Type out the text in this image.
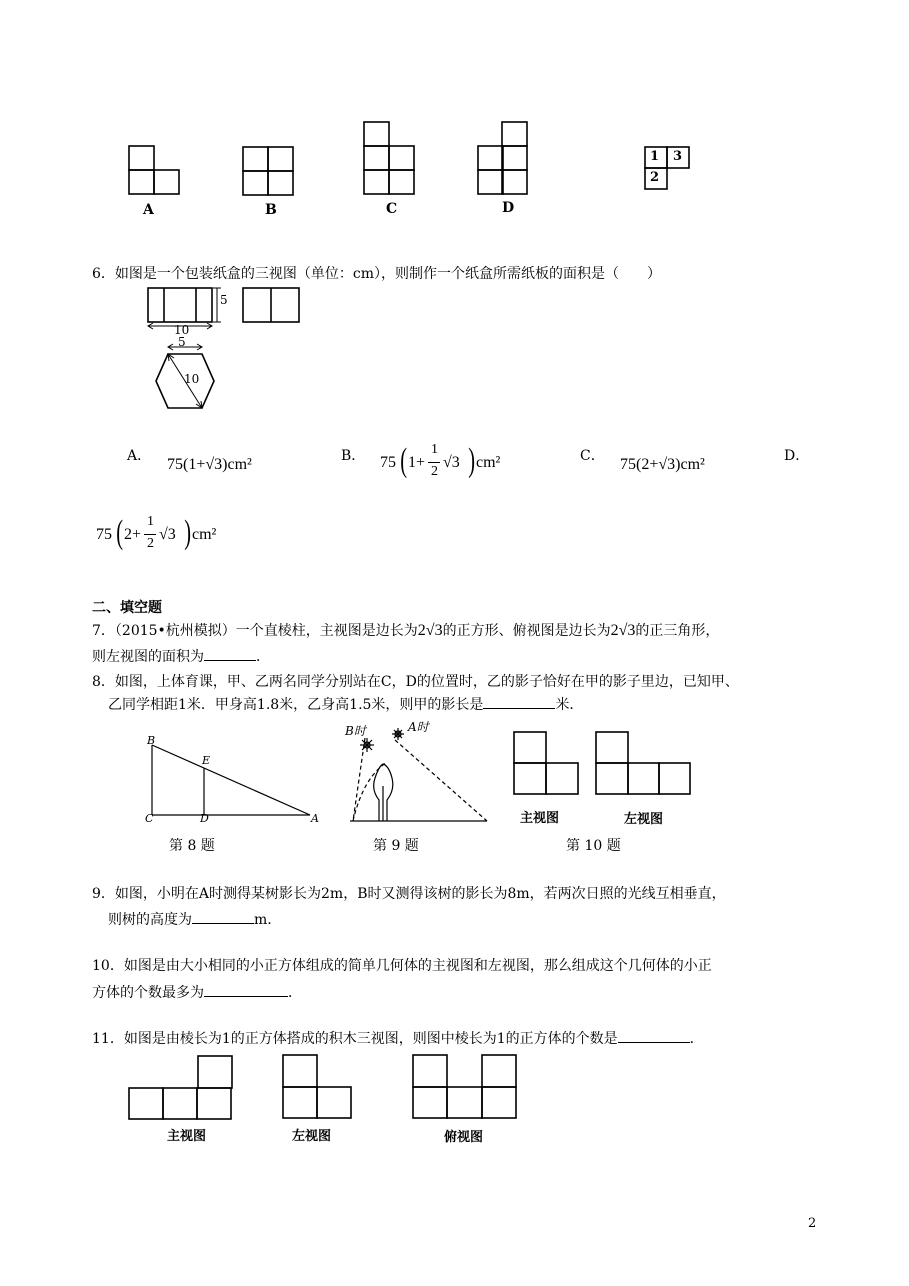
A	B	C	D
1 3
2
6．如图是一个包装纸盒的三视图（单位：cm），则制作一个纸盒所需纸板的面积是（　　）
5
10
5
10
A． 75(1+√3)cm²	B． 75 ( 1+
1
2
√3 ) cm²	C． 75(2+√3)cm²	D．
75 ( 2+
1
2
√3 ) cm²
二、填空题
7．（2015•杭州模拟）一个直棱柱，主视图是边长为2√3的正方形、俯视图是边长为2√3的正三角形，
则左视图的面积为	．
8．如图，上体育课，甲、乙两名同学分别站在C，D的位置时，乙的影子恰好在甲的影子里边，已知甲、
乙同学相距1米．甲身高1.8米，乙身高1.5米，则甲的影长是	米．
B
E
C	D	A
B时	A时
主视图	左视图
第 8 题	第 9 题	第 10 题
9．如图，小明在A时测得某树影长为2m，B时又测得该树的影长为8m，若两次日照的光线互相垂直，
则树的高度为	m.
10．如图是由大小相同的小正方体组成的简单几何体的主视图和左视图，那么组成这个几何体的小正
方体的个数最多为	．
11．如图是由棱长为1的正方体搭成的积木三视图，则图中棱长为1的正方体的个数是	．
主视图	左视图	俯视图
2
